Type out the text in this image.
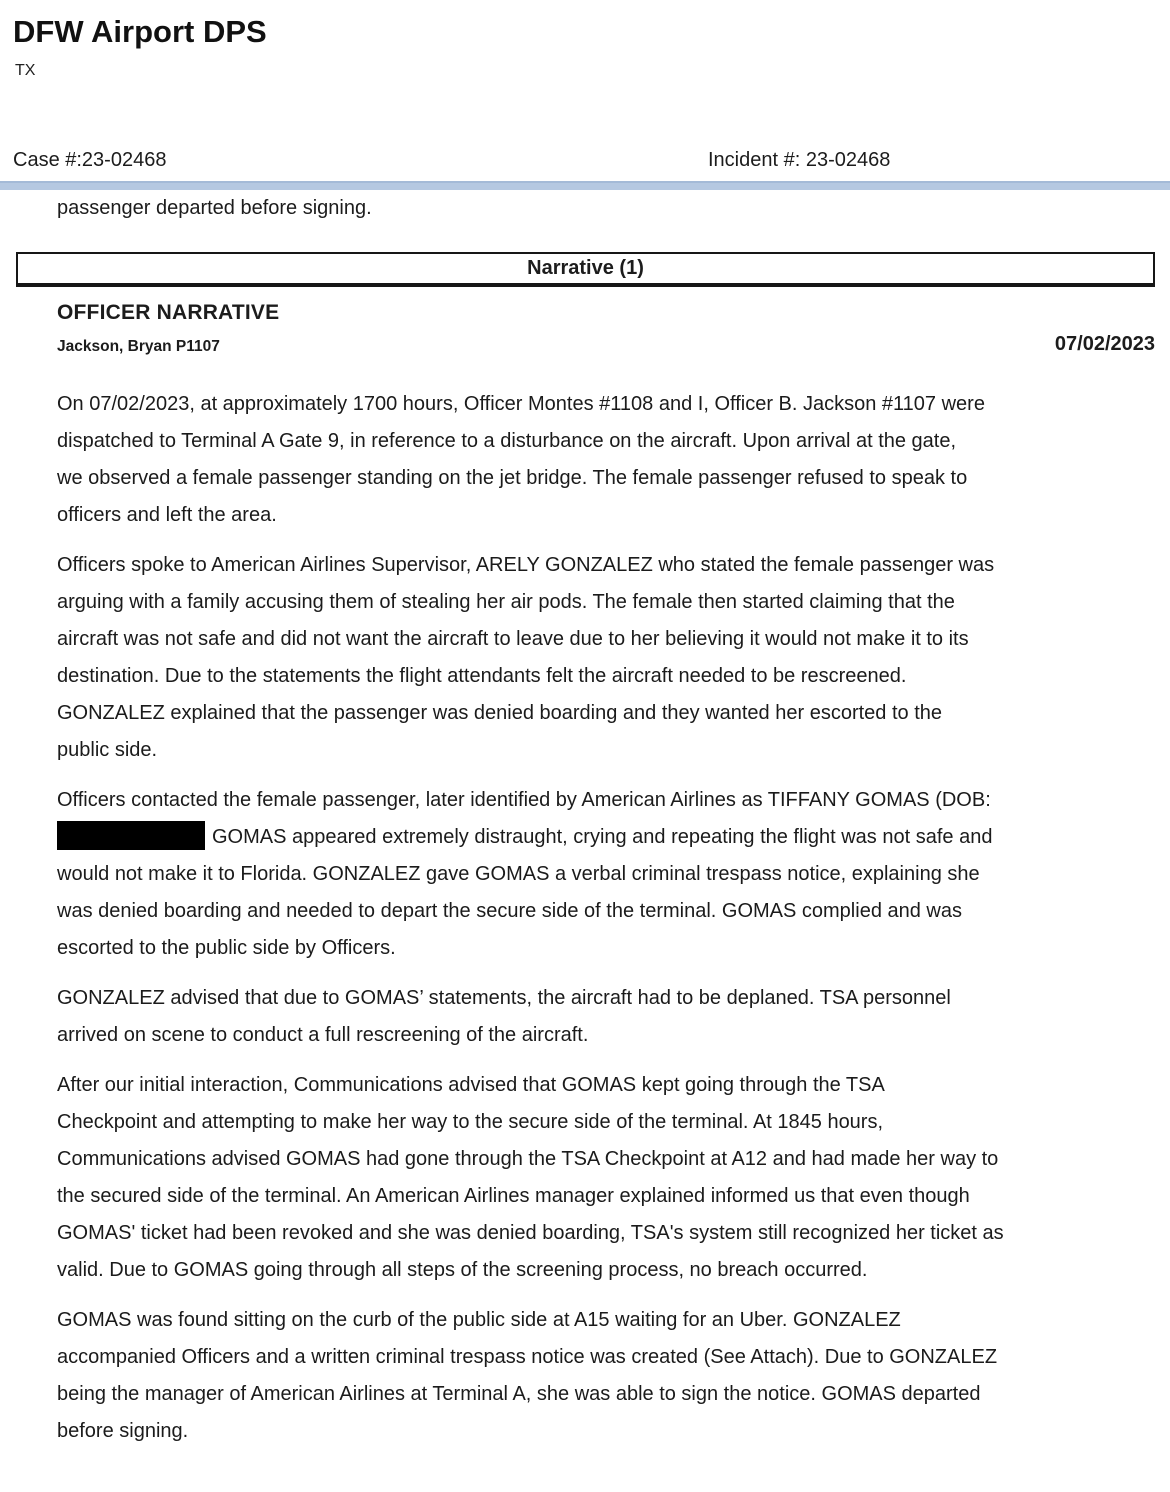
DFW Airport DPS
TX
Case #:23-02468	Incident #: 23-02468
passenger departed before signing.
Narrative (1)
OFFICER NARRATIVE
Jackson, Bryan P1107	07/02/2023

On 07/02/2023, at approximately 1700 hours, Officer Montes #1108 and I, Officer B. Jackson #1107 were
dispatched to Terminal A Gate 9, in reference to a disturbance on the aircraft. Upon arrival at the gate,
we observed a female passenger standing on the jet bridge. The female passenger refused to speak to
officers and left the area.

Officers spoke to American Airlines Supervisor, ARELY GONZALEZ who stated the female passenger was
arguing with a family accusing them of stealing her air pods. The female then started claiming that the
aircraft was not safe and did not want the aircraft to leave due to her believing it would not make it to its
destination. Due to the statements the flight attendants felt the aircraft needed to be rescreened.
GONZALEZ explained that the passenger was denied boarding and they wanted her escorted to the
public side.

Officers contacted the female passenger, later identified by American Airlines as TIFFANY GOMAS (DOB:
GOMAS appeared extremely distraught, crying and repeating the flight was not safe and
would not make it to Florida. GONZALEZ gave GOMAS a verbal criminal trespass notice, explaining she
was denied boarding and needed to depart the secure side of the terminal. GOMAS complied and was
escorted to the public side by Officers.

GONZALEZ advised that due to GOMAS’ statements, the aircraft had to be deplaned. TSA personnel
arrived on scene to conduct a full rescreening of the aircraft.

After our initial interaction, Communications advised that GOMAS kept going through the TSA
Checkpoint and attempting to make her way to the secure side of the terminal. At 1845 hours,
Communications advised GOMAS had gone through the TSA Checkpoint at A12 and had made her way to
the secured side of the terminal. An American Airlines manager explained informed us that even though
GOMAS' ticket had been revoked and she was denied boarding, TSA's system still recognized her ticket as
valid. Due to GOMAS going through all steps of the screening process, no breach occurred.

GOMAS was found sitting on the curb of the public side at A15 waiting for an Uber. GONZALEZ
accompanied Officers and a written criminal trespass notice was created (See Attach). Due to GONZALEZ
being the manager of American Airlines at Terminal A, she was able to sign the notice. GOMAS departed
before signing.
